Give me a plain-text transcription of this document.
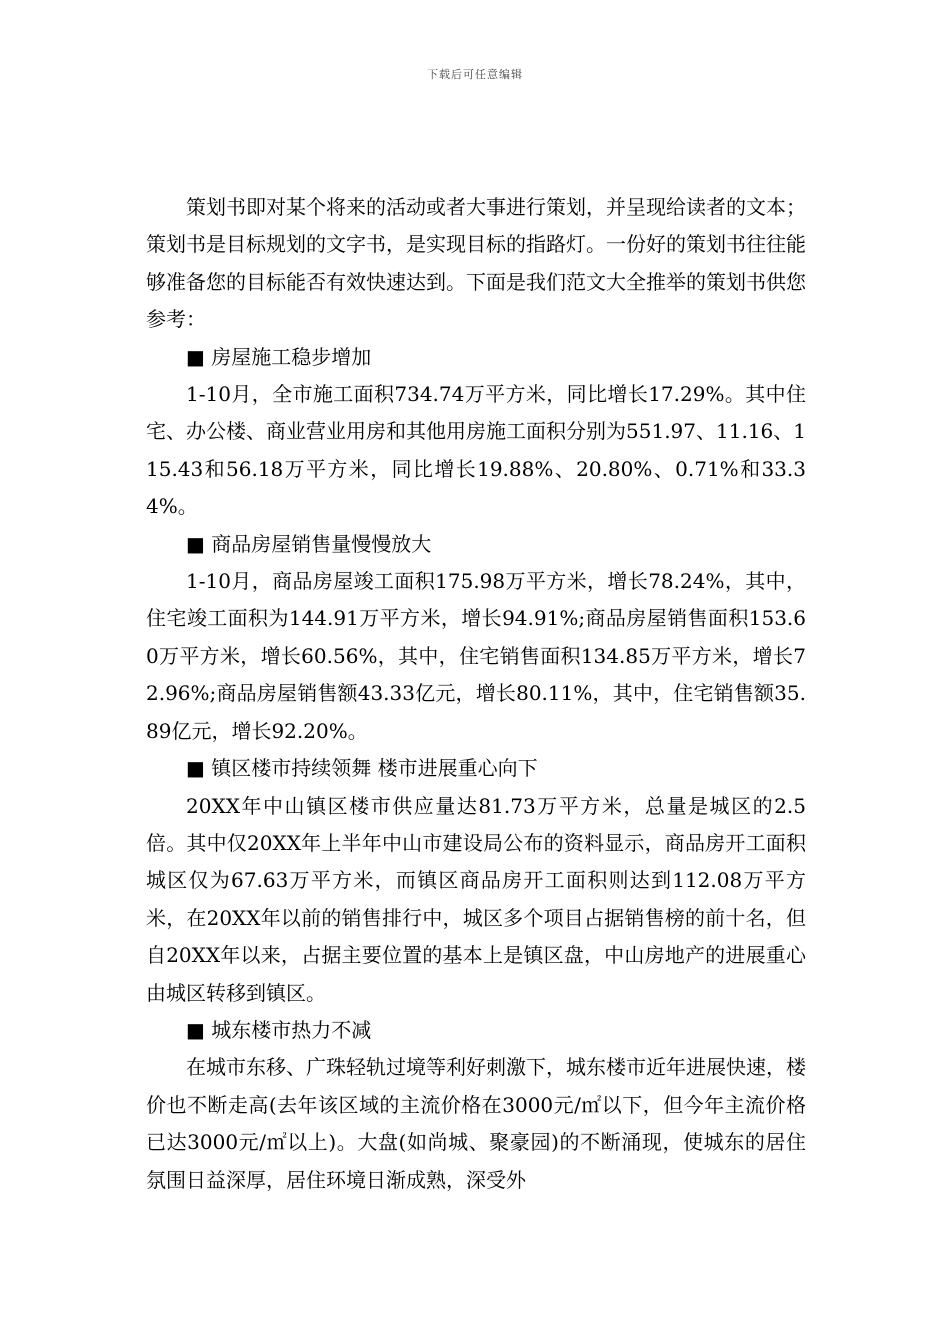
下载后可任意编辑

策划书即对某个将来的活动或者大事进行策划，并呈现给读者的文本；策划书是目标规划的文字书，是实现目标的指路灯。一份好的策划书往往能够准备您的目标能否有效快速达到。下面是我们范文大全推举的策划书供您参考：

■ 房屋施工稳步增加

1-10月，全市施工面积734.74万平方米，同比增长17.29%。其中住宅、办公楼、商业营业用房和其他用房施工面积分别为551.97、11.16、115.43和56.18万平方米，同比增长19.88%、20.80%、0.71%和33.34%。

■ 商品房屋销售量慢慢放大

1-10月，商品房屋竣工面积175.98万平方米，增长78.24%，其中，住宅竣工面积为144.91万平方米，增长94.91%;商品房屋销售面积153.60万平方米，增长60.56%，其中，住宅销售面积134.85万平方米，增长72.96%;商品房屋销售额43.33亿元，增长80.11%，其中，住宅销售额35.89亿元，增长92.20%。

■ 镇区楼市持续领舞 楼市进展重心向下

20XX年中山镇区楼市供应量达81.73万平方米，总量是城区的2.5倍。其中仅20XX年上半年中山市建设局公布的资料显示，商品房开工面积城区仅为67.63万平方米，而镇区商品房开工面积则达到112.08万平方米，在20XX年以前的销售排行中，城区多个项目占据销售榜的前十名，但自20XX年以来，占据主要位置的基本上是镇区盘，中山房地产的进展重心由城区转移到镇区。

■ 城东楼市热力不减

在城市东移、广珠轻轨过境等利好刺激下，城东楼市近年进展快速，楼价也不断走高(去年该区域的主流价格在3000元/㎡以下，但今年主流价格已达3000元/㎡以上)。大盘(如尚城、聚豪园)的不断涌现，使城东的居住氛围日益深厚，居住环境日渐成熟，深受外
